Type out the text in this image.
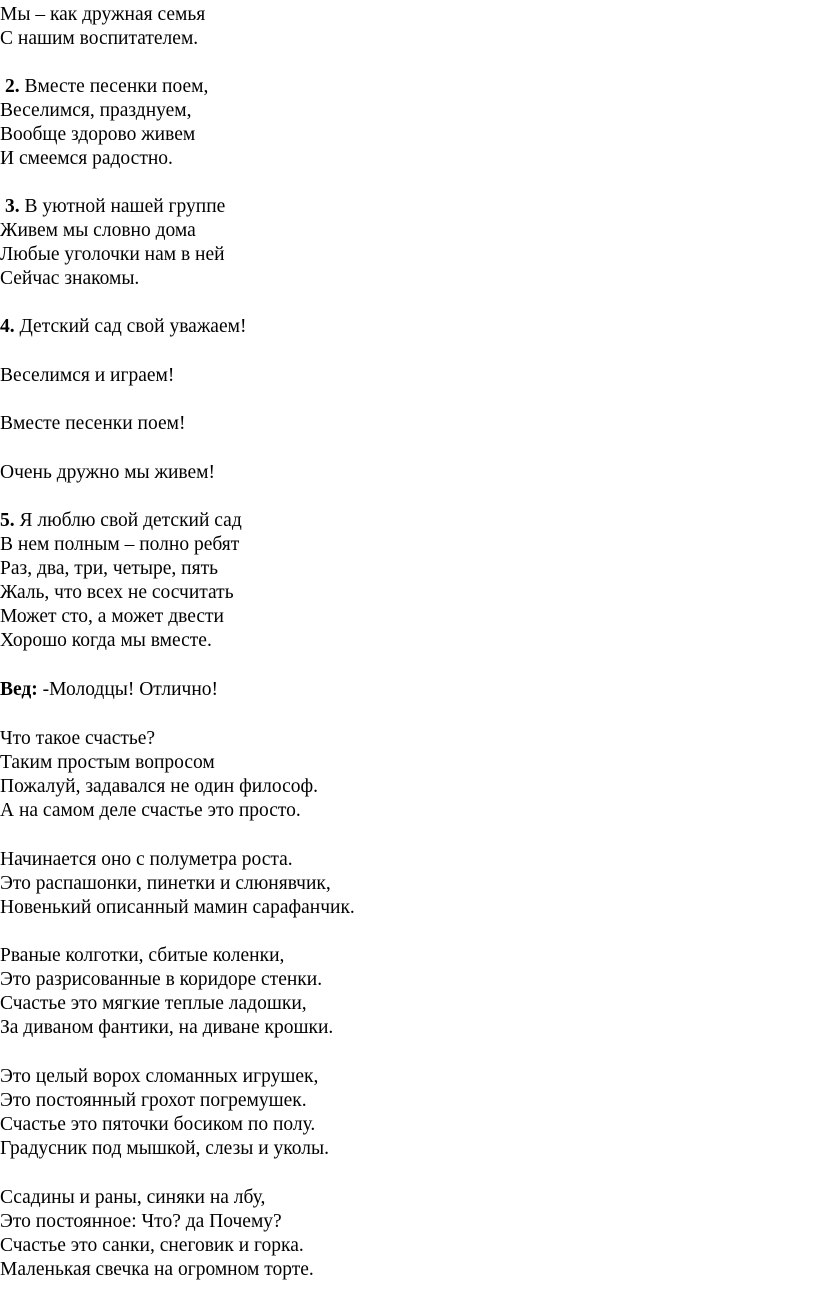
Мы – как дружная семья
С нашим воспитателем.
2. Вместе песенки поем,
Веселимся, празднуем,
Вообще здорово живем
И смеемся радостно.
3. В уютной нашей группе
Живем мы словно дома
Любые уголочки нам в ней
Сейчас знакомы.
4. Детский сад свой уважаем!
Веселимся и играем!
Вместе песенки поем!
Очень дружно мы живем!
5. Я люблю свой детский сад
В нем полным – полно ребят
Раз, два, три, четыре, пять
Жаль, что всех не сосчитать
Может сто, а может двести
Хорошо когда мы вместе.
Вед: -Молодцы! Отлично!
Что такое счастье?
Таким простым вопросом
Пожалуй, задавался не один философ.
А на самом деле счастье это просто.
Начинается оно с полуметра роста.
Это распашонки, пинетки и слюнявчик,
Новенький описанный мамин сарафанчик.
Рваные колготки, сбитые коленки,
Это разрисованные в коридоре стенки.
Счастье это мягкие теплые ладошки,
За диваном фантики, на диване крошки.
Это целый ворох сломанных игрушек,
Это постоянный грохот погремушек.
Счастье это пяточки босиком по полу.
Градусник под мышкой, слезы и уколы.
Ссадины и раны, синяки на лбу,
Это постоянное: Что? да Почему?
Счастье это санки, снеговик и горка.
Маленькая свечка на огромном торте.
